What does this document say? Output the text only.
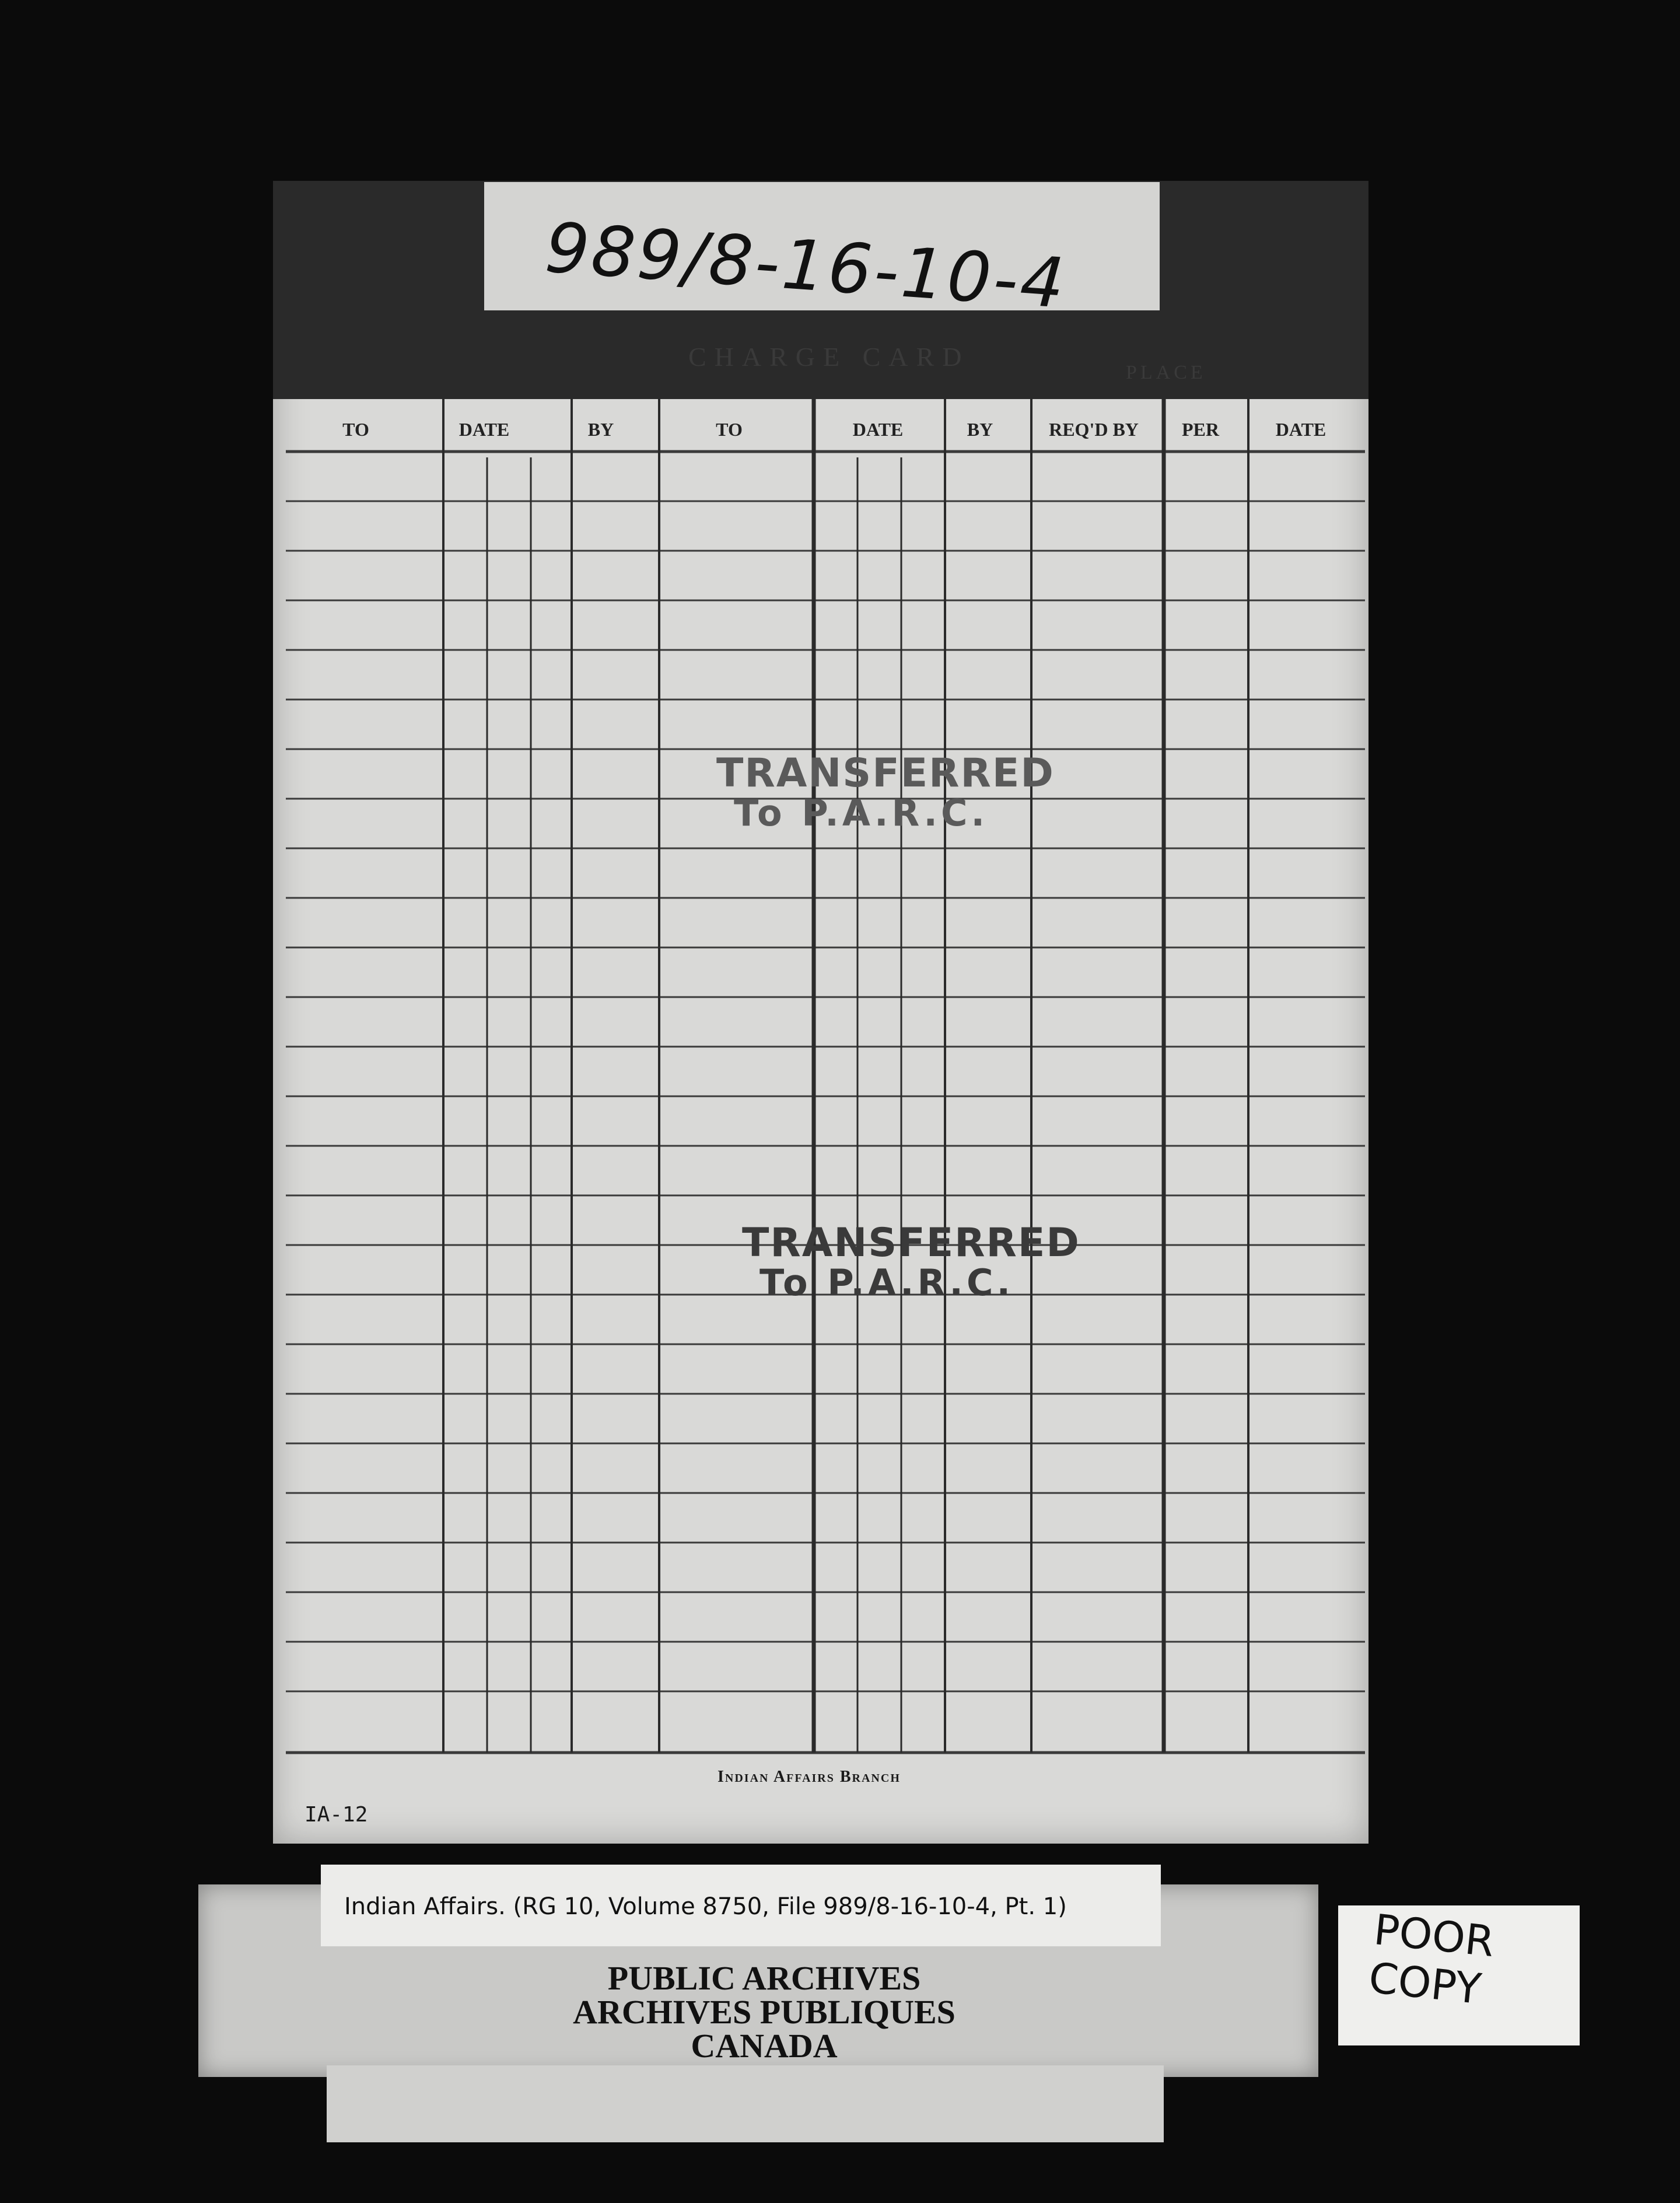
989/8-16-10-4
CHARGE CARD
PLACE
TO	DATE	BY	TO	DATE	BY	REQ'D BY	PER	DATE
TRANSFERRED
To P.A.R.C.
TRANSFERRED
To P.A.R.C.
Indian Affairs Branch
IA-12
Indian Affairs. (RG 10, Volume 8750, File 989/8-16-10-4, Pt. 1)
PUBLIC ARCHIVES
ARCHIVES PUBLIQUES
CANADA
POOR
COPY
